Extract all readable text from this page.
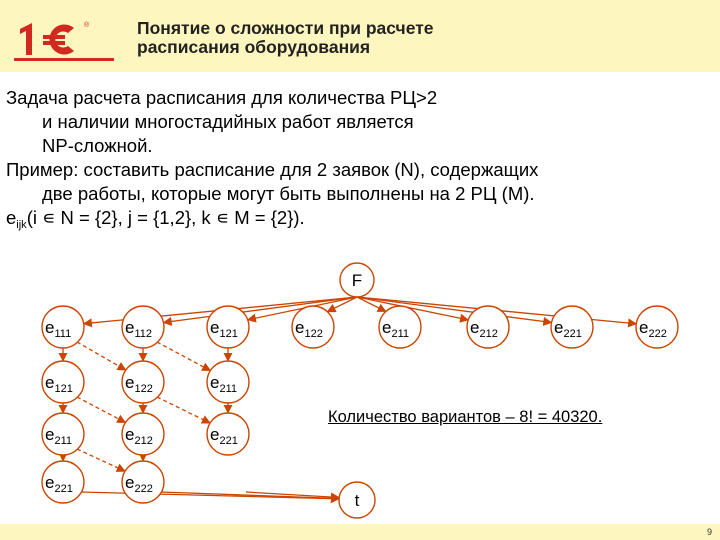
®	Понятие о сложности при расчете
расписания оборудования
Задача расчета расписания для количества РЦ>2
и наличии многостадийных работ является
NP-сложной.
Пример: составить расписание для 2 заявок (N), содержащих
две работы, которые могут быть выполнены на 2 РЦ (М).
$e_{ijk}(i$ ∊ N = {2}, j = {1,2}, k ∊ M = {2}).
F
$e_{111}$	$e_{112}$	$e_{121}$	$e_{122}$	$e_{211}$	$e_{212}$	$e_{221}$	$e_{222}$
$e_{121}$
$e_{211}$
$e_{221}$
$e_{122}$
$e_{212}$
$e_{222}$
$e_{211}$
$e_{221}$
t
Количество вариантов – 8! = 40320.
9
